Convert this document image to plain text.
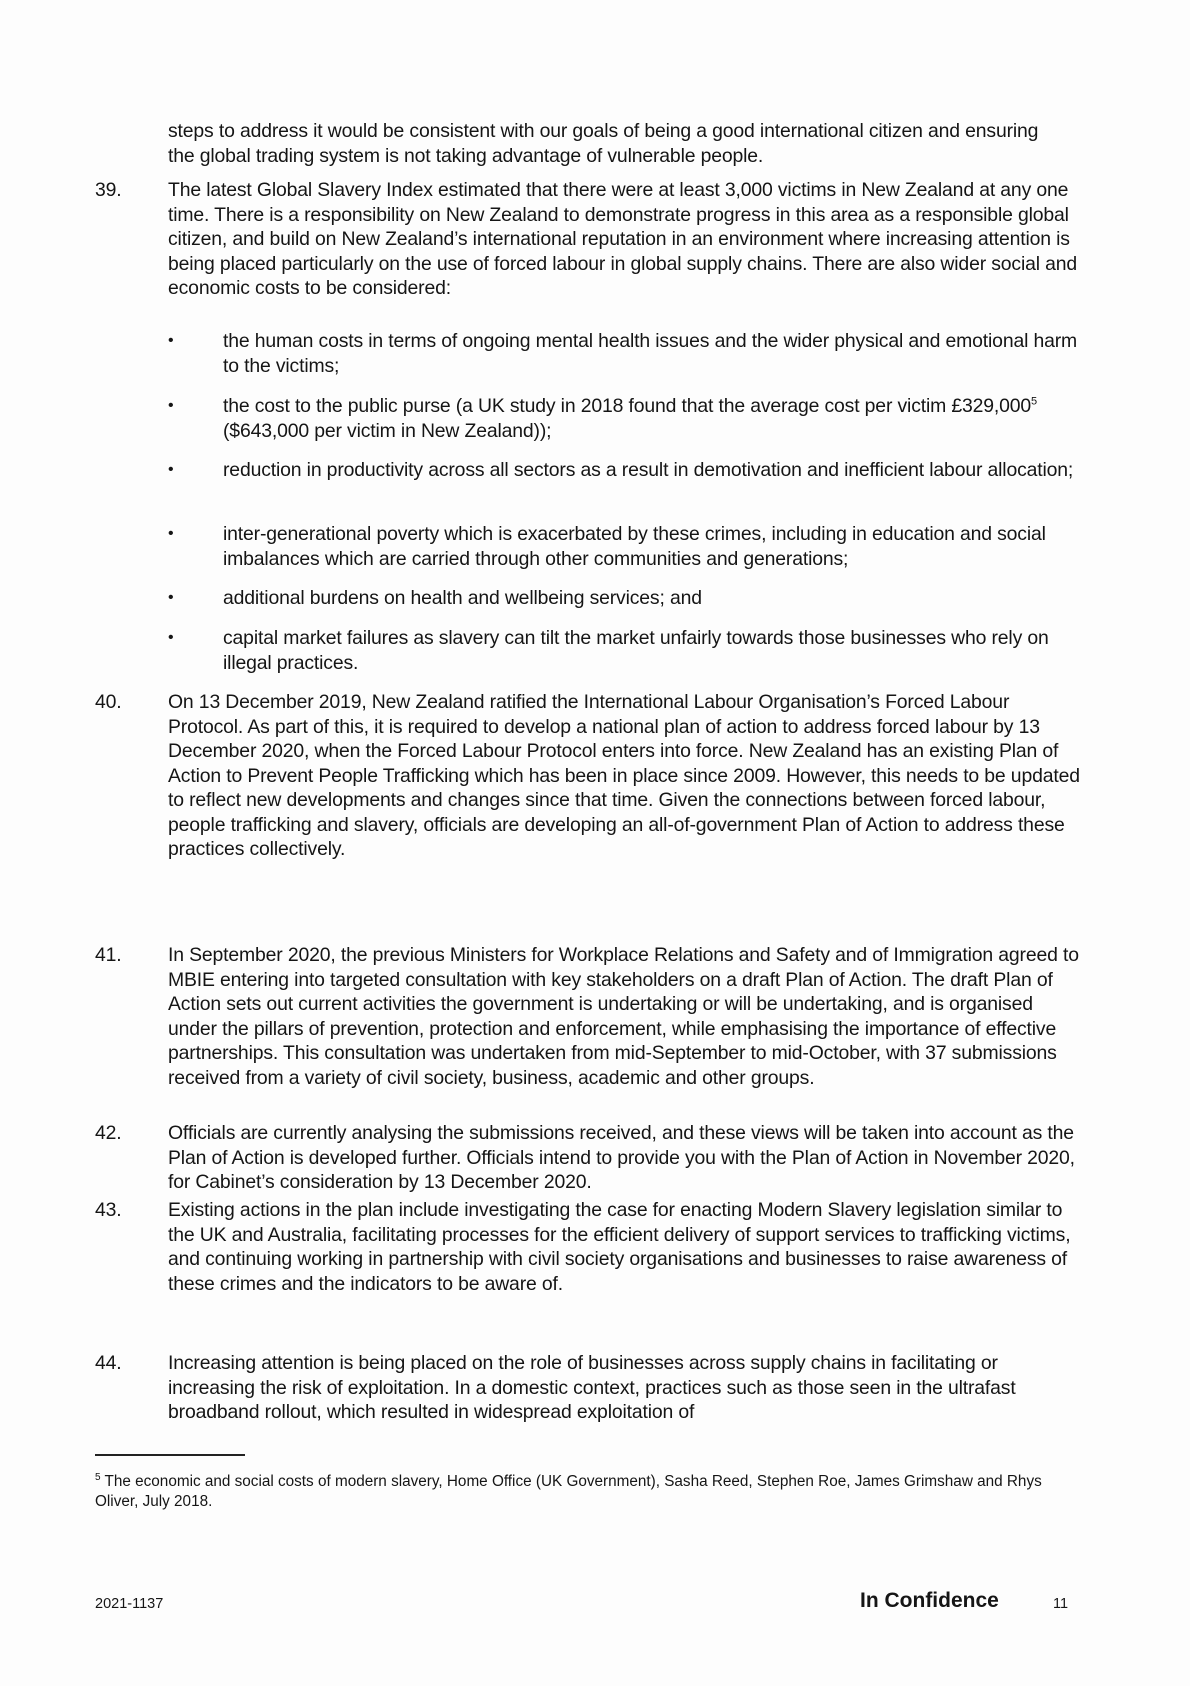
steps to address it would be consistent with our goals of being a good international citizen and ensuring the global trading system is not taking advantage of vulnerable people.
39.	The latest Global Slavery Index estimated that there were at least 3,000 victims in New Zealand at any one time. There is a responsibility on New Zealand to demonstrate progress in this area as a responsible global citizen, and build on New Zealand’s international reputation in an environment where increasing attention is being placed particularly on the use of forced labour in global supply chains. There are also wider social and economic costs to be considered:
•	the human costs in terms of ongoing mental health issues and the wider physical and emotional harm to the victims;
•	the cost to the public purse (a UK study in 2018 found that the average cost per victim £329,000$^5$ ($643,000 per victim in New Zealand));
•	reduction in productivity across all sectors as a result in demotivation and inefficient labour allocation;
•	inter-generational poverty which is exacerbated by these crimes, including in education and social imbalances which are carried through other communities and generations;
•	additional burdens on health and wellbeing services; and
•	capital market failures as slavery can tilt the market unfairly towards those businesses who rely on illegal practices.
40.	On 13 December 2019, New Zealand ratified the International Labour Organisation’s Forced Labour Protocol. As part of this, it is required to develop a national plan of action to address forced labour by 13 December 2020, when the Forced Labour Protocol enters into force. New Zealand has an existing Plan of Action to Prevent People Trafficking which has been in place since 2009. However, this needs to be updated to reflect new developments and changes since that time. Given the connections between forced labour, people trafficking and slavery, officials are developing an all-of-government Plan of Action to address these practices collectively.
41.	In September 2020, the previous Ministers for Workplace Relations and Safety and of Immigration agreed to MBIE entering into targeted consultation with key stakeholders on a draft Plan of Action. The draft Plan of Action sets out current activities the government is undertaking or will be undertaking, and is organised under the pillars of prevention, protection and enforcement, while emphasising the importance of effective partnerships. This consultation was undertaken from mid-September to mid-October, with 37 submissions received from a variety of civil society, business, academic and other groups.
42.	Officials are currently analysing the submissions received, and these views will be taken into account as the Plan of Action is developed further. Officials intend to provide you with the Plan of Action in November 2020, for Cabinet’s consideration by 13 December 2020.
43.	Existing actions in the plan include investigating the case for enacting Modern Slavery legislation similar to the UK and Australia, facilitating processes for the efficient delivery of support services to trafficking victims, and continuing working in partnership with civil society organisations and businesses to raise awareness of these crimes and the indicators to be aware of.
44.	Increasing attention is being placed on the role of businesses across supply chains in facilitating or increasing the risk of exploitation. In a domestic context, practices such as those seen in the ultrafast broadband rollout, which resulted in widespread exploitation of
$^5$ The economic and social costs of modern slavery, Home Office (UK Government), Sasha Reed, Stephen Roe, James Grimshaw and Rhys Oliver, July 2018.
2021-1137	In Confidence	11
